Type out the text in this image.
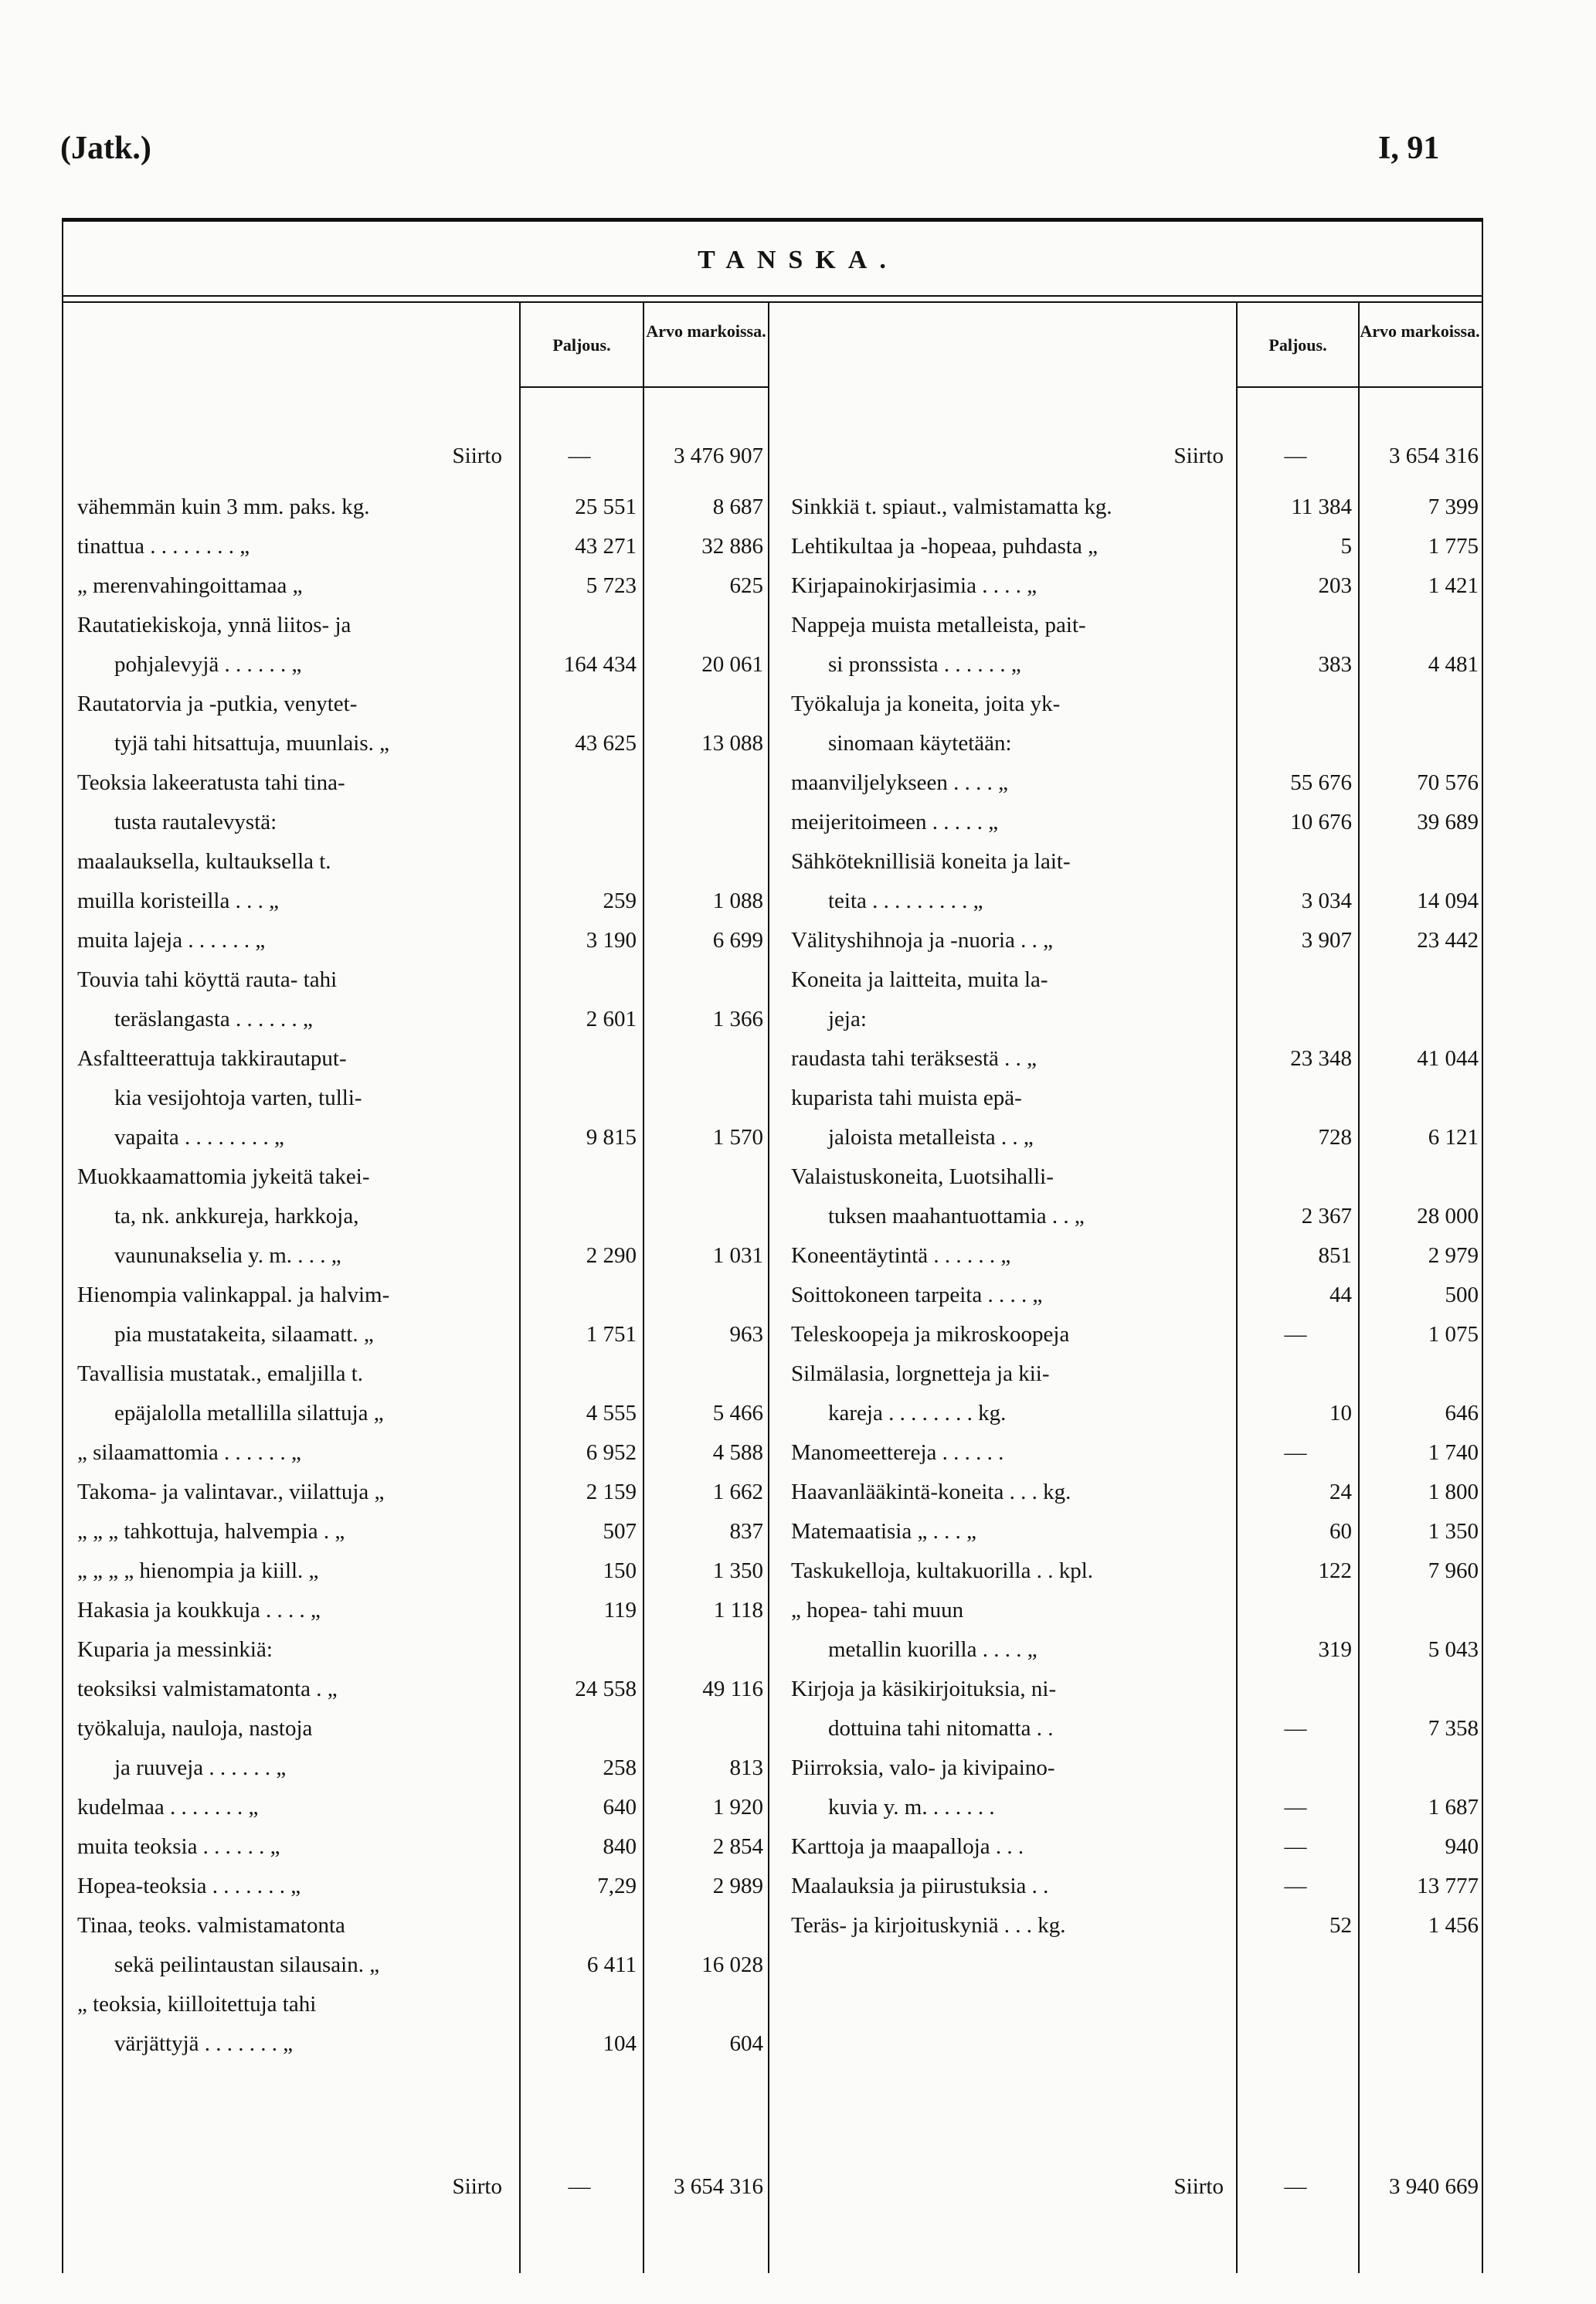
(Jatk.)	I, 91
TANSKA.
Paljous.
Arvo markoissa.
Paljous.
Arvo markoissa.
Siirto	—	3 476 907
vähemmän kuin 3 mm. paks. kg.	25 551	8 687
tinattua . . . . . . . . „	43 271	32 886
„ merenvahingoittamaa „	5 723	625
Rautatiekiskoja, ynnä liitos- ja
pohjalevyjä . . . . . . „	164 434	20 061
Rautatorvia ja -putkia, venytet-
tyjä tahi hitsattuja, muunlais. „	43 625	13 088
Teoksia lakeeratusta tahi tina-
tusta rautalevystä:
maalauksella, kultauksella t.
muilla koristeilla . . . „	259	1 088
muita lajeja . . . . . . „	3 190	6 699
Touvia tahi köyttä rauta- tahi
teräslangasta . . . . . . „	2 601	1 366
Asfaltteerattuja takkirautaput-
kia vesijohtoja varten, tulli-
vapaita . . . . . . . . „	9 815	1 570
Muokkaamattomia jykeitä takei-
ta, nk. ankkureja, harkkoja,
vaununakselia y. m. . . . „	2 290	1 031
Hienompia valinkappal. ja halvim-
pia mustatakeita, silaamatt. „	1 751	963
Tavallisia mustatak., emaljilla t.
epäjalolla metallilla silattuja „	4 555	5 466
„ silaamattomia . . . . . . „	6 952	4 588
Takoma- ja valintavar., viilattuja „	2 159	1 662
„ „ „ tahkottuja, halvempia . „	507	837
„ „ „ „ hienompia ja kiill. „	150	1 350
Hakasia ja koukkuja . . . . „	119	1 118
Kuparia ja messinkiä:
teoksiksi valmistamatonta . „	24 558	49 116
työkaluja, nauloja, nastoja
ja ruuveja . . . . . . „	258	813
kudelmaa . . . . . . . „	640	1 920
muita teoksia . . . . . . „	840	2 854
Hopea-teoksia . . . . . . . „	7,29	2 989
Tinaa, teoks. valmistamatonta
sekä peilintaustan silausain. „	6 411	16 028
„ teoksia, kiilloitettuja tahi
värjättyjä . . . . . . . „	104	604
Siirto	—	3 654 316
Siirto	—	3 654 316
Sinkkiä t. spiaut., valmistamatta kg.	11 384	7 399
Lehtikultaa ja -hopeaa, puhdasta „	5	1 775
Kirjapainokirjasimia . . . . „	203	1 421
Nappeja muista metalleista, pait-
si pronssista . . . . . . „	383	4 481
Työkaluja ja koneita, joita yk-
sinomaan käytetään:
maanviljelykseen . . . . „	55 676	70 576
meijeritoimeen . . . . . „	10 676	39 689
Sähköteknillisiä koneita ja lait-
teita . . . . . . . . . „	3 034	14 094
Välityshihnoja ja -nuoria . . „	3 907	23 442
Koneita ja laitteita, muita la-
jeja:
raudasta tahi teräksestä . . „	23 348	41 044
kuparista tahi muista epä-
jaloista metalleista . . „	728	6 121
Valaistuskoneita, Luotsihalli-
tuksen maahantuottamia . . „	2 367	28 000
Koneentäytintä . . . . . . „	851	2 979
Soittokoneen tarpeita . . . . „	44	500
Teleskoopeja ja mikroskoopeja	—	1 075
Silmälasia, lorgnetteja ja kii-
kareja . . . . . . . . kg.	10	646
Manomeettereja . . . . . .	—	1 740
Haavanlääkintä-koneita . . . kg.	24	1 800
Matemaatisia „ . . . „	60	1 350
Taskukelloja, kultakuorilla . . kpl.	122	7 960
„ hopea- tahi muun
metallin kuorilla . . . . „	319	5 043
Kirjoja ja käsikirjoituksia, ni-
dottuina tahi nitomatta . .	—	7 358
Piirroksia, valo- ja kivipaino-
kuvia y. m. . . . . . .	—	1 687
Karttoja ja maapalloja . . .	—	940
Maalauksia ja piirustuksia . .	—	13 777
Teräs- ja kirjoituskyniä . . . kg.	52	1 456
Siirto	—	3 940 669
